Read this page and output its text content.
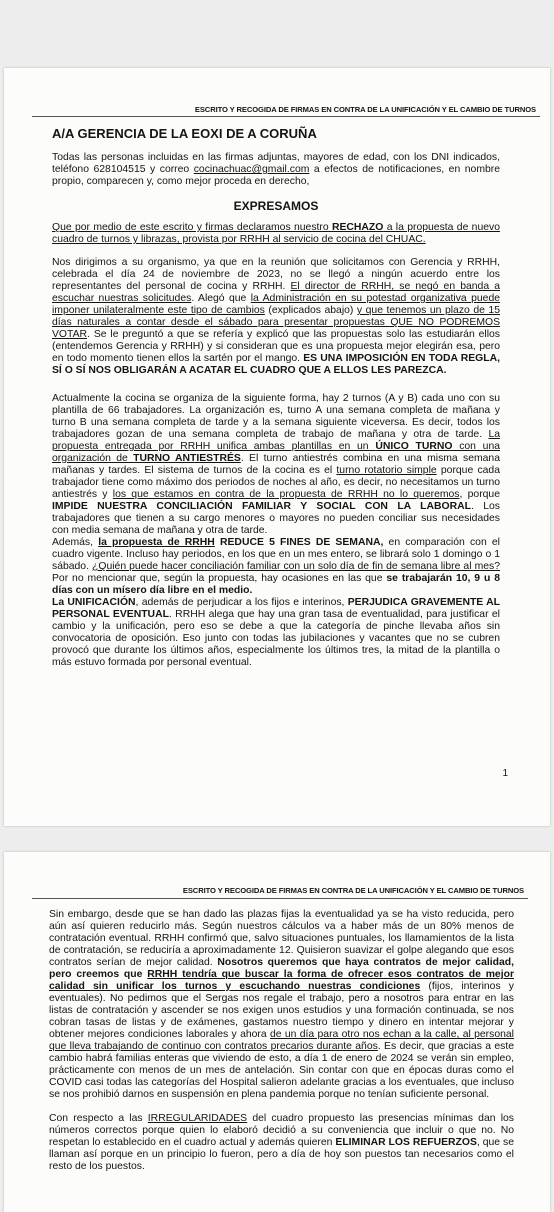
ESCRITO Y RECOGIDA DE FIRMAS EN CONTRA DE LA UNIFICACIÓN Y EL CAMBIO DE TURNOS
A/A GERENCIA DE LA EOXI DE A CORUÑA

Todas las personas incluidas en las firmas adjuntas, mayores de edad, con los DNI indicados, teléfono 628104515 y correo cocinachuac@gmail.com a efectos de notificaciones, en nombre propio, comparecen y, como mejor proceda en derecho,

EXPRESAMOS

Que por medio de este escrito y firmas declaramos nuestro RECHAZO a la propuesta de nuevo cuadro de turnos y librazas, provista por RRHH al servicio de cocina del CHUAC.

Nos dirigimos a su organismo, ya que en la reunión que solicitamos con Gerencia y RRHH, celebrada el día 24 de noviembre de 2023, no se llegó a ningún acuerdo entre los representantes del personal de cocina y RRHH. El director de RRHH, se negó en banda a escuchar nuestras solicitudes. Alegó que la Administración en su potestad organizativa puede imponer unilateralmente este tipo de cambios (explicados abajo) y que tenemos un plazo de 15 días naturales a contar desde el sábado para presentar propuestas QUE NO PODREMOS VOTAR. Se le preguntó a que se refería y explicó que las propuestas solo las estudiarán ellos (entendemos Gerencia y RRHH) y si consideran que es una propuesta mejor elegirán esa, pero en todo momento tienen ellos la sartén por el mango. ES UNA IMPOSICIÓN EN TODA REGLA, SÍ O SÍ NOS OBLIGARÁN A ACATAR EL CUADRO QUE A ELLOS LES PAREZCA.

Actualmente la cocina se organiza de la siguiente forma, hay 2 turnos (A y B) cada uno con su plantilla de 66 trabajadores. La organización es, turno A una semana completa de mañana y turno B una semana completa de tarde y a la semana siguiente viceversa. Es decir, todos los trabajadores gozan de una semana completa de trabajo de mañana y otra de tarde. La propuesta entregada por RRHH unifica ambas plantillas en un ÚNICO TURNO con una organización de TURNO ANTIESTRÉS. El turno antiestrés combina en una misma semana mañanas y tardes. El sistema de turnos de la cocina es el turno rotatorio simple porque cada trabajador tiene como máximo dos periodos de noches al año, es decir, no necesitamos un turno antiestrés y los que estamos en contra de la propuesta de RRHH no lo queremos, porque IMPIDE NUESTRA CONCILIACIÓN FAMILIAR Y SOCIAL CON LA LABORAL. Los trabajadores que tienen a su cargo menores o mayores no pueden conciliar sus necesidades con media semana de mañana y otra de tarde.

Además, la propuesta de RRHH REDUCE 5 FINES DE SEMANA, en comparación con el cuadro vigente. Incluso hay periodos, en los que en un mes entero, se librará solo 1 domingo o 1 sábado. ¿Quién puede hacer conciliación familiar con un solo día de fin de semana libre al mes? Por no mencionar que, según la propuesta, hay ocasiones en las que se trabajarán 10, 9 u 8 días con un mísero día libre en el medio.

La UNIFICACIÓN, además de perjudicar a los fijos e interinos, PERJUDICA GRAVEMENTE AL PERSONAL EVENTUAL. RRHH alega que hay una gran tasa de eventualidad, para justificar el cambio y la unificación, pero eso se debe a que la categoría de pinche llevaba años sin convocatoria de oposición. Eso junto con todas las jubilaciones y vacantes que no se cubren provocó que durante los últimos años, especialmente los últimos tres, la mitad de la plantilla o más estuvo formada por personal eventual.

1
ESCRITO Y RECOGIDA DE FIRMAS EN CONTRA DE LA UNIFICACIÓN Y EL CAMBIO DE TURNOS

Sin embargo, desde que se han dado las plazas fijas la eventualidad ya se ha visto reducida, pero aún así quieren reducirlo más. Según nuestros cálculos va a haber más de un 80% menos de contratación eventual. RRHH confirmó que, salvo situaciones puntuales, los llamamientos de la lista de contratación, se reduciría a aproximadamente 12. Quisieron suavizar el golpe alegando que esos contratos serían de mejor calidad. Nosotros queremos que haya contratos de mejor calidad, pero creemos que RRHH tendría que buscar la forma de ofrecer esos contratos de mejor calidad sin unificar los turnos y escuchando nuestras condiciones (fijos, interinos y eventuales). No pedimos que el Sergas nos regale el trabajo, pero a nosotros para entrar en las listas de contratación y ascender se nos exigen unos estudios y una formación continuada, se nos cobran tasas de listas y de exámenes, gastamos nuestro tiempo y dinero en intentar mejorar y obtener mejores condiciones laborales y ahora de un día para otro nos echan a la calle, al personal que lleva trabajando de continuo con contratos precarios durante años. Es decir, que gracias a este cambio habrá familias enteras que viviendo de esto, a día 1 de enero de 2024 se verán sin empleo, prácticamente con menos de un mes de antelación. Sin contar con que en épocas duras como el COVID casi todas las categorías del Hospital salieron adelante gracias a los eventuales, que incluso se nos prohibió darnos en suspensión en plena pandemia porque no tenían suficiente personal.

Con respecto a las IRREGULARIDADES del cuadro propuesto las presencias mínimas dan los números correctos porque quien lo elaboró decidió a su conveniencia que incluir o que no. No respetan lo establecido en el cuadro actual y además quieren ELIMINAR LOS REFUERZOS, que se llaman así porque en un principio lo fueron, pero a día de hoy son puestos tan necesarios como el resto de los puestos.
